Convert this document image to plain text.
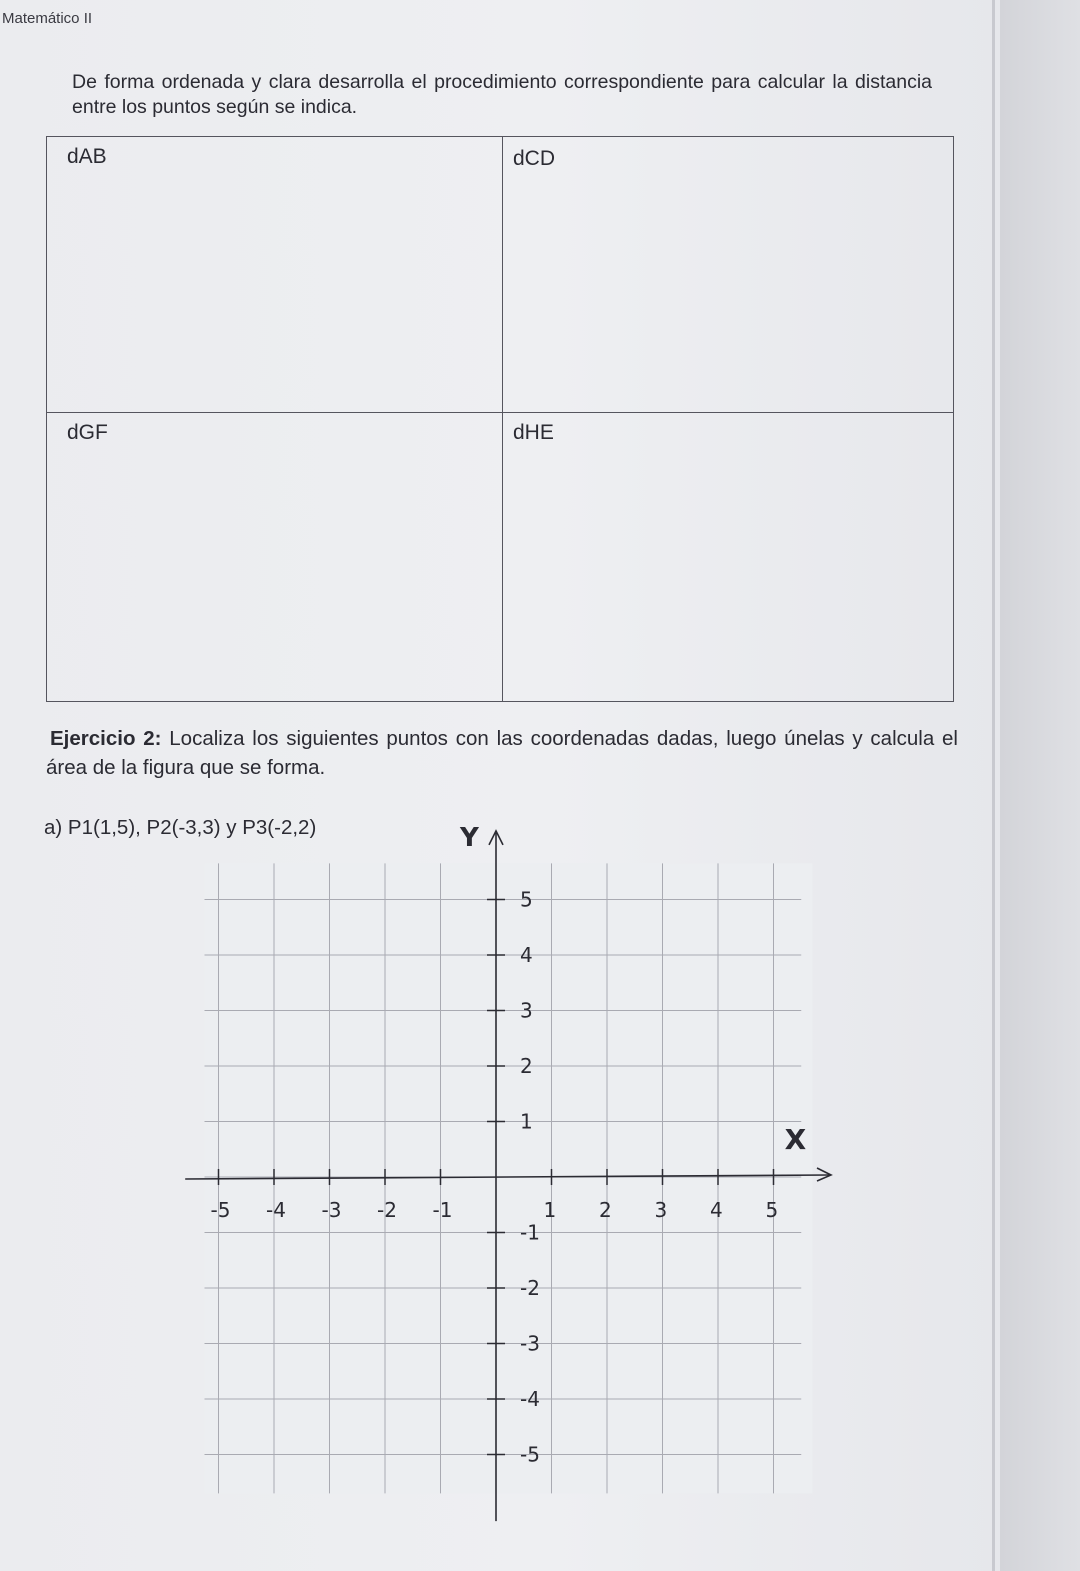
Matemático II
De forma ordenada y clara desarrolla el procedimiento correspondiente para calcular la distancia entre los puntos según se indica.
dAB	dCD
dGF	dHE
Ejercicio 2: Localiza los siguientes puntos con las coordenadas dadas, luego únelas y calcula el área de la figura que se forma.
a) P1(1,5), P2(-3,3) y P3(-2,2)
X
Y
-5 -4 -3 -2 -1	1 2 3 4 5
5
4
3
2
1
-1
-2
-3
-4
-5
